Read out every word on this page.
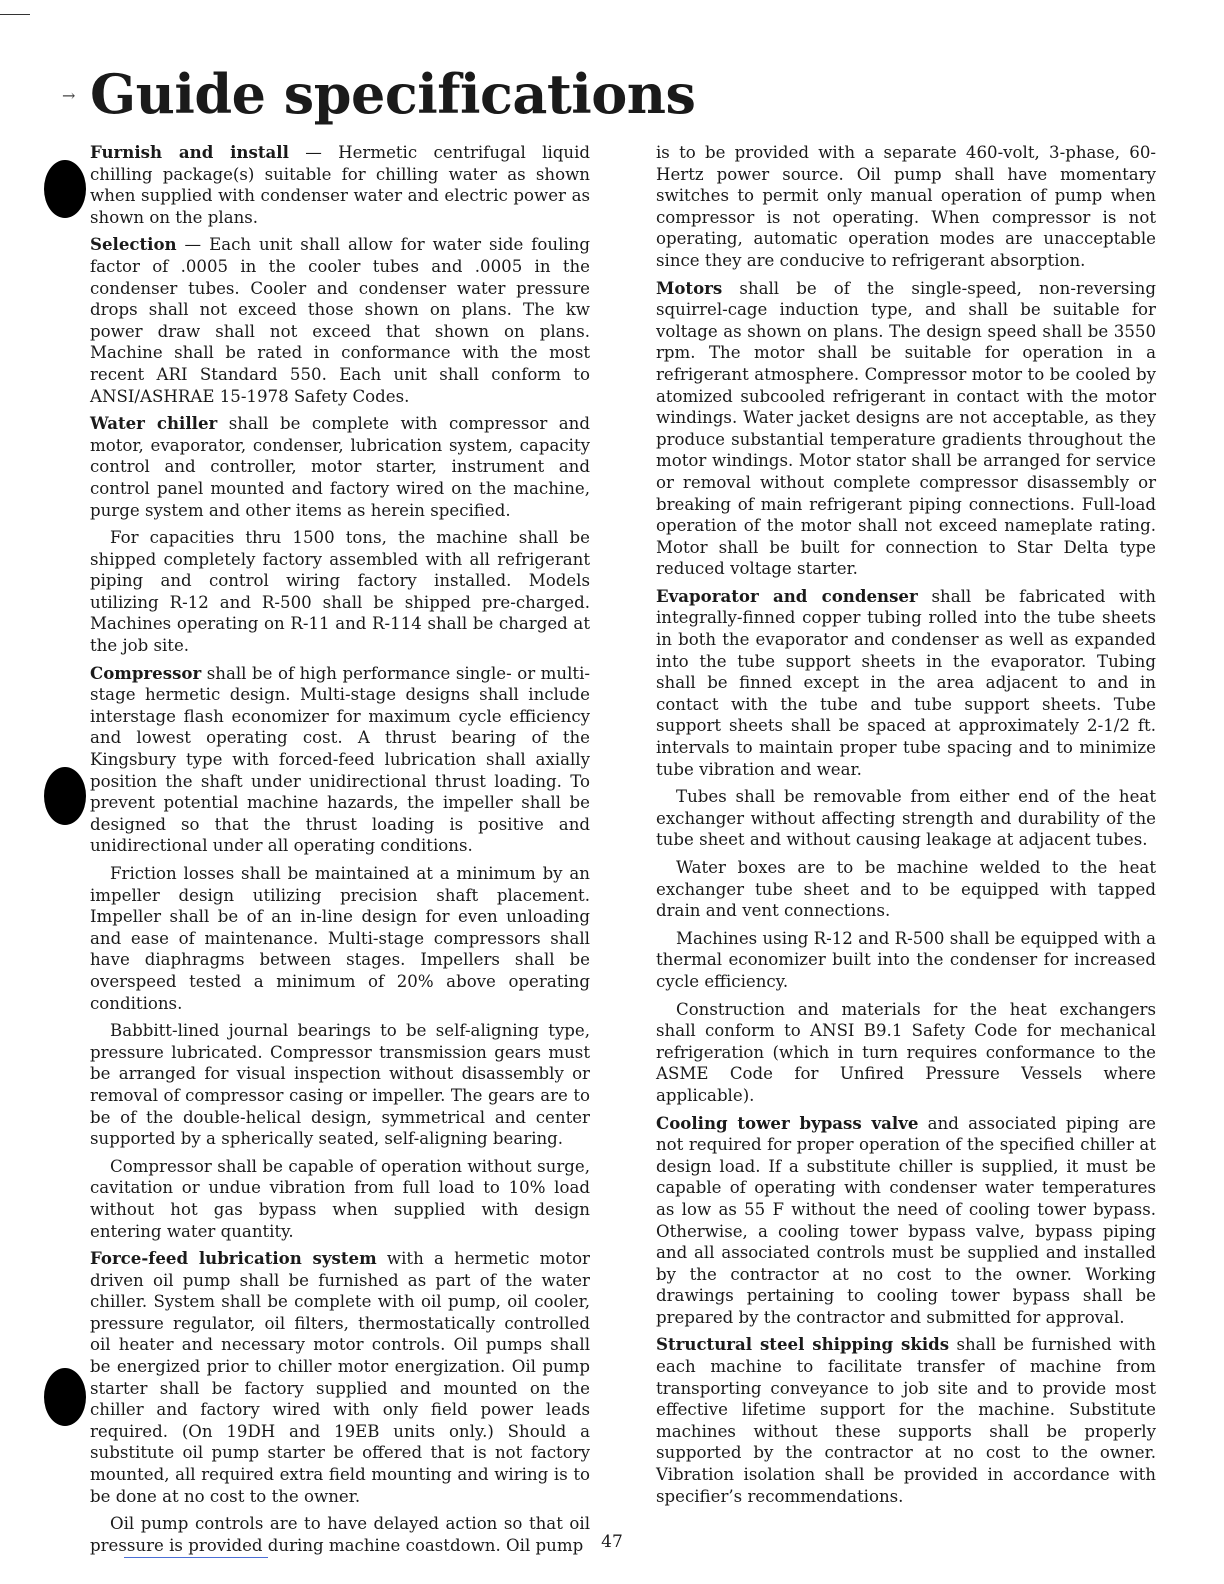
→ Guide specifications

Furnish and install — Hermetic centrifugal liquid chilling package(s) suitable for chilling water as shown when supplied with condenser water and electric power as shown on the plans.

Selection — Each unit shall allow for water side fouling factor of .0005 in the cooler tubes and .0005 in the condenser tubes. Cooler and condenser water pressure drops shall not exceed those shown on plans. The kw power draw shall not exceed that shown on plans. Machine shall be rated in conformance with the most recent ARI Standard 550. Each unit shall conform to ANSI/ASHRAE 15-1978 Safety Codes.

Water chiller shall be complete with compressor and motor, evaporator, condenser, lubrication system, capacity control and controller, motor starter, instrument and control panel mounted and factory wired on the machine, purge system and other items as herein specified.

For capacities thru 1500 tons, the machine shall be shipped completely factory assembled with all refrigerant piping and control wiring factory installed. Models utilizing R-12 and R-500 shall be shipped pre-charged. Machines operating on R-11 and R-114 shall be charged at the job site.

Compressor shall be of high performance single- or multi-stage hermetic design. Multi-stage designs shall include interstage flash economizer for maximum cycle efficiency and lowest operating cost. A thrust bearing of the Kingsbury type with forced-feed lubrication shall axially position the shaft under unidirectional thrust loading. To prevent potential machine hazards, the impeller shall be designed so that the thrust loading is positive and unidirectional under all operating conditions.

Friction losses shall be maintained at a minimum by an impeller design utilizing precision shaft placement. Impeller shall be of an in-line design for even unloading and ease of maintenance. Multi-stage compressors shall have diaphragms between stages. Impellers shall be overspeed tested a minimum of 20% above operating conditions.

Babbitt-lined journal bearings to be self-aligning type, pressure lubricated. Compressor transmission gears must be arranged for visual inspection without disassembly or removal of compressor casing or impeller. The gears are to be of the double-helical design, symmetrical and center supported by a spherically seated, self-aligning bearing.

Compressor shall be capable of operation without surge, cavitation or undue vibration from full load to 10% load without hot gas bypass when supplied with design entering water quantity.

Force-feed lubrication system with a hermetic motor driven oil pump shall be furnished as part of the water chiller. System shall be complete with oil pump, oil cooler, pressure regulator, oil filters, thermostatically controlled oil heater and necessary motor controls. Oil pumps shall be energized prior to chiller motor energization. Oil pump starter shall be factory supplied and mounted on the chiller and factory wired with only field power leads required. (On 19DH and 19EB units only.) Should a substitute oil pump starter be offered that is not factory mounted, all required extra field mounting and wiring is to be done at no cost to the owner.

Oil pump controls are to have delayed action so that oil pressure is provided during machine coastdown. Oil pump

is to be provided with a separate 460-volt, 3-phase, 60-Hertz power source. Oil pump shall have momentary switches to permit only manual operation of pump when compressor is not operating. When compressor is not operating, automatic operation modes are unacceptable since they are conducive to refrigerant absorption.

Motors shall be of the single-speed, non-reversing squirrel-cage induction type, and shall be suitable for voltage as shown on plans. The design speed shall be 3550 rpm. The motor shall be suitable for operation in a refrigerant atmosphere. Compressor motor to be cooled by atomized subcooled refrigerant in contact with the motor windings. Water jacket designs are not acceptable, as they produce substantial temperature gradients throughout the motor windings. Motor stator shall be arranged for service or removal without complete compressor disassembly or breaking of main refrigerant piping connections. Full-load operation of the motor shall not exceed nameplate rating. Motor shall be built for connection to Star Delta type reduced voltage starter.

Evaporator and condenser shall be fabricated with integrally-finned copper tubing rolled into the tube sheets in both the evaporator and condenser as well as expanded into the tube support sheets in the evaporator. Tubing shall be finned except in the area adjacent to and in contact with the tube and tube support sheets. Tube support sheets shall be spaced at approximately 2-1/2 ft. intervals to maintain proper tube spacing and to minimize tube vibration and wear.

Tubes shall be removable from either end of the heat exchanger without affecting strength and durability of the tube sheet and without causing leakage at adjacent tubes.

Water boxes are to be machine welded to the heat exchanger tube sheet and to be equipped with tapped drain and vent connections.

Machines using R-12 and R-500 shall be equipped with a thermal economizer built into the condenser for increased cycle efficiency.

Construction and materials for the heat exchangers shall conform to ANSI B9.1 Safety Code for mechanical refrigeration (which in turn requires conformance to the ASME Code for Unfired Pressure Vessels where applicable).

Cooling tower bypass valve and associated piping are not required for proper operation of the specified chiller at design load. If a substitute chiller is supplied, it must be capable of operating with condenser water temperatures as low as 55 F without the need of cooling tower bypass. Otherwise, a cooling tower bypass valve, bypass piping and all associated controls must be supplied and installed by the contractor at no cost to the owner. Working drawings pertaining to cooling tower bypass shall be prepared by the contractor and submitted for approval.

Structural steel shipping skids shall be furnished with each machine to facilitate transfer of machine from transporting conveyance to job site and to provide most effective lifetime support for the machine. Substitute machines without these supports shall be properly supported by the contractor at no cost to the owner. Vibration isolation shall be provided in accordance with specifier’s recommendations.

47
